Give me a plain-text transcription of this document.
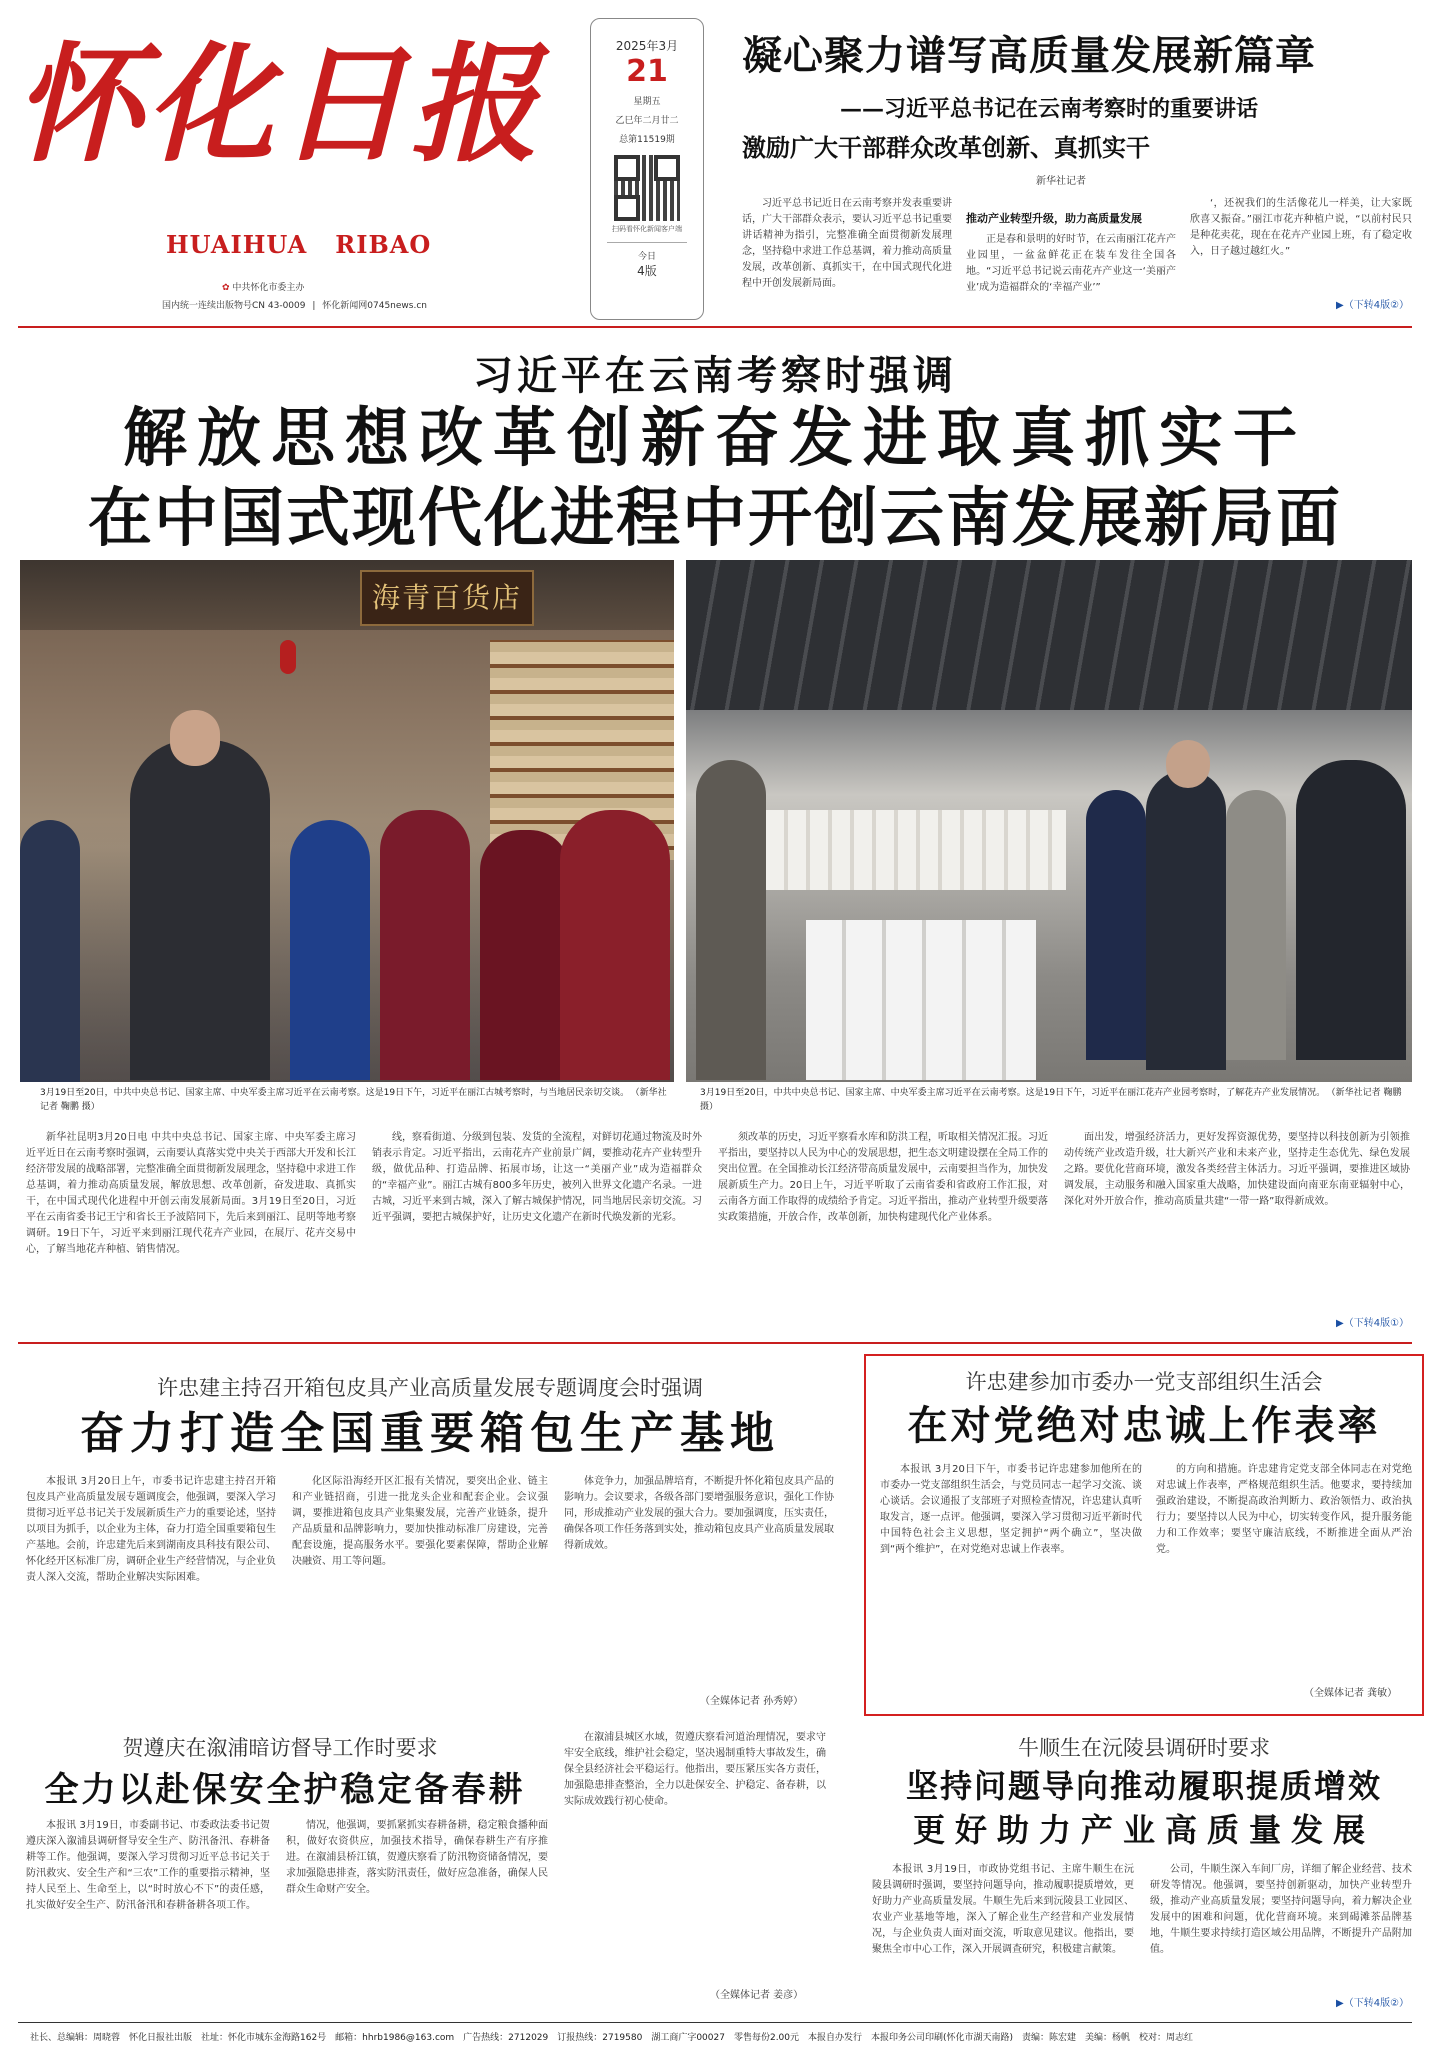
怀化日报
HUAIHUA   RIBAO
✿ 中共怀化市委主办
国内统一连续出版物号CN 43-0009 | 怀化新闻网0745news.cn
2025年3月
21
星期五
乙巳年二月廿二
总第11519期
扫码看怀化新闻客户端
今日
4版
凝心聚力谱写高质量发展新篇章
——习近平总书记在云南考察时的重要讲话
激励广大干部群众改革创新、真抓实干
新华社记者

习近平总书记近日在云南考察并发表重要讲话，广大干部群众表示，要认习近平总书记重要讲话精神为指引，完整准确全面贯彻新发展理念，坚持稳中求进工作总基调，着力推动高质量发展，改革创新、真抓实干，在中国式现代化进程中开创发展新局面。

推动产业转型升级，助力高质量发展

正是春和景明的好时节，在云南丽江花卉产业园里，一盆盆鲜花正在装车发往全国各地。“习近平总书记说云南花卉产业这一‘美丽产业’成为造福群众的‘幸福产业’”

‘，还祝我们的生活像花儿一样美，让大家既欣喜又振奋。”丽江市花卉种植户说，“以前村民只是种花卖花，现在在花卉产业园上班，有了稳定收入，日子越过越红火。”

▶（下转4版②）
习近平在云南考察时强调
解放思想改革创新奋发进取真抓实干
在中国式现代化进程中开创云南发展新局面
海青百货店
3月19日至20日，中共中央总书记、国家主席、中央军委主席习近平在云南考察。这是19日下午，习近平在丽江古城考察时，与当地居民亲切交谈。 （新华社记者 鞠鹏 摄）
3月19日至20日，中共中央总书记、国家主席、中央军委主席习近平在云南考察。这是19日下午，习近平在丽江花卉产业园考察时，了解花卉产业发展情况。 （新华社记者 鞠鹏 摄）

新华社昆明3月20日电 中共中央总书记、国家主席、中央军委主席习近平近日在云南考察时强调，云南要认真落实党中央关于西部大开发和长江经济带发展的战略部署，完整准确全面贯彻新发展理念，坚持稳中求进工作总基调，着力推动高质量发展，解放思想、改革创新，奋发进取、真抓实干，在中国式现代化进程中开创云南发展新局面。3月19日至20日，习近平在云南省委书记王宁和省长王予波陪同下，先后来到丽江、昆明等地考察调研。19日下午，习近平来到丽江现代花卉产业园，在展厅、花卉交易中心，了解当地花卉种植、销售情况。

线，察看街道、分级到包装、发货的全流程，对鲜切花通过物流及时外销表示肯定。习近平指出，云南花卉产业前景广阔，要推动花卉产业转型升级，做优品种、打造品牌、拓展市场，让这一“美丽产业”成为造福群众的“幸福产业”。丽江古城有800多年历史，被列入世界文化遗产名录。一进古城，习近平来到古城，深入了解古城保护情况，同当地居民亲切交流。习近平强调，要把古城保护好，让历史文化遗产在新时代焕发新的光彩。

须改革的历史，习近平察看水库和防洪工程，听取相关情况汇报。习近平指出，要坚持以人民为中心的发展思想，把生态文明建设摆在全局工作的突出位置。在全国推动长江经济带高质量发展中，云南要担当作为，加快发展新质生产力。20日上午，习近平听取了云南省委和省政府工作汇报，对云南各方面工作取得的成绩给予肯定。习近平指出，推动产业转型升级要落实政策措施，开放合作，改革创新，加快构建现代化产业体系。

面出发，增强经济活力，更好发挥资源优势，要坚持以科技创新为引领推动传统产业改造升级，壮大新兴产业和未来产业，坚持走生态优先、绿色发展之路。要优化营商环境，激发各类经营主体活力。习近平强调，要推进区域协调发展，主动服务和融入国家重大战略，加快建设面向南亚东南亚辐射中心，深化对外开放合作，推动高质量共建“一带一路”取得新成效。

▶（下转4版①）
许忠建主持召开箱包皮具产业高质量发展专题调度会时强调
奋力打造全国重要箱包生产基地

本报讯 3月20日上午，市委书记许忠建主持召开箱包皮具产业高质量发展专题调度会，他强调，要深入学习贯彻习近平总书记关于发展新质生产力的重要论述，坚持以项目为抓手，以企业为主体，奋力打造全国重要箱包生产基地。会前，许忠建先后来到湖南皮具科技有限公司、怀化经开区标准厂房，调研企业生产经营情况，与企业负责人深入交流，帮助企业解决实际困难。

化区际沿海经开区汇报有关情况，要突出企业、链主和产业链招商，引进一批龙头企业和配套企业。会议强调，要推进箱包皮具产业集聚发展，完善产业链条，提升产品质量和品牌影响力，要加快推动标准厂房建设，完善配套设施，提高服务水平。要强化要素保障，帮助企业解决融资、用工等问题。

体竞争力，加强品牌培育，不断提升怀化箱包皮具产品的影响力。会议要求，各级各部门要增强服务意识，强化工作协同，形成推动产业发展的强大合力。要加强调度，压实责任，确保各项工作任务落到实处，推动箱包皮具产业高质量发展取得新成效。

（全媒体记者 孙秀婷）
许忠建参加市委办一党支部组织生活会
在对党绝对忠诚上作表率

本报讯 3月20日下午，市委书记许忠建参加他所在的市委办一党支部组织生活会，与党员同志一起学习交流、谈心谈话。会议通报了支部班子对照检查情况，许忠建认真听取发言，逐一点评。他强调，要深入学习贯彻习近平新时代中国特色社会主义思想，坚定拥护“两个确立”，坚决做到“两个维护”，在对党绝对忠诚上作表率。

的方向和措施。许忠建肯定党支部全体同志在对党绝对忠诚上作表率，严格规范组织生活。他要求，要持续加强政治建设，不断提高政治判断力、政治领悟力、政治执行力；要坚持以人民为中心，切实转变作风，提升服务能力和工作效率；要坚守廉洁底线，不断推进全面从严治党。

（全媒体记者 龚敏）
贺遵庆在溆浦暗访督导工作时要求
全力以赴保安全护稳定备春耕

本报讯 3月19日，市委副书记、市委政法委书记贺遵庆深入溆浦县调研督导安全生产、防汛备汛、春耕备耕等工作。他强调，要深入学习贯彻习近平总书记关于防汛救灾、安全生产和“三农”工作的重要指示精神，坚持人民至上、生命至上，以“时时放心不下”的责任感，扎实做好安全生产、防汛备汛和春耕备耕各项工作。

情况，他强调，要抓紧抓实春耕备耕，稳定粮食播种面积，做好农资供应，加强技术指导，确保春耕生产有序推进。在溆浦县桥江镇，贺遵庆察看了防汛物资储备情况，要求加强隐患排查，落实防汛责任，做好应急准备，确保人民群众生命财产安全。

在溆浦县城区水域，贺遵庆察看河道治理情况，要求守牢安全底线，维护社会稳定，坚决遏制重特大事故发生，确保全县经济社会平稳运行。他指出，要压紧压实各方责任，加强隐患排查整治，全力以赴保安全、护稳定、备春耕，以实际成效践行初心使命。

（全媒体记者 姜彦）
牛顺生在沅陵县调研时要求
坚持问题导向推动履职提质增效
更好助力产业高质量发展

本报讯 3月19日，市政协党组书记、主席牛顺生在沅陵县调研时强调，要坚持问题导向，推动履职提质增效，更好助力产业高质量发展。牛顺生先后来到沅陵县工业园区、农业产业基地等地，深入了解企业生产经营和产业发展情况，与企业负责人面对面交流，听取意见建议。他指出，要聚焦全市中心工作，深入开展调查研究，积极建言献策。

公司，牛顺生深入车间厂房，详细了解企业经营、技术研发等情况。他强调，要坚持创新驱动，加快产业转型升级，推动产业高质量发展；要坚持问题导向，着力解决企业发展中的困难和问题，优化营商环境。来到碣滩茶品牌基地，牛顺生要求持续打造区域公用品牌，不断提升产品附加值。

▶（下转4版②）
社长、总编辑：周晓蓉　怀化日报社出版　社址：怀化市城东金海路162号　邮箱：hhrb1986@163.com　广告热线：2712029　订报热线：2719580　湖工商广字00027　零售每份2.00元　本报自办发行　本报印务公司印刷(怀化市湖天南路)　责编：陈宏建　美编：杨帆　校对：周志红
